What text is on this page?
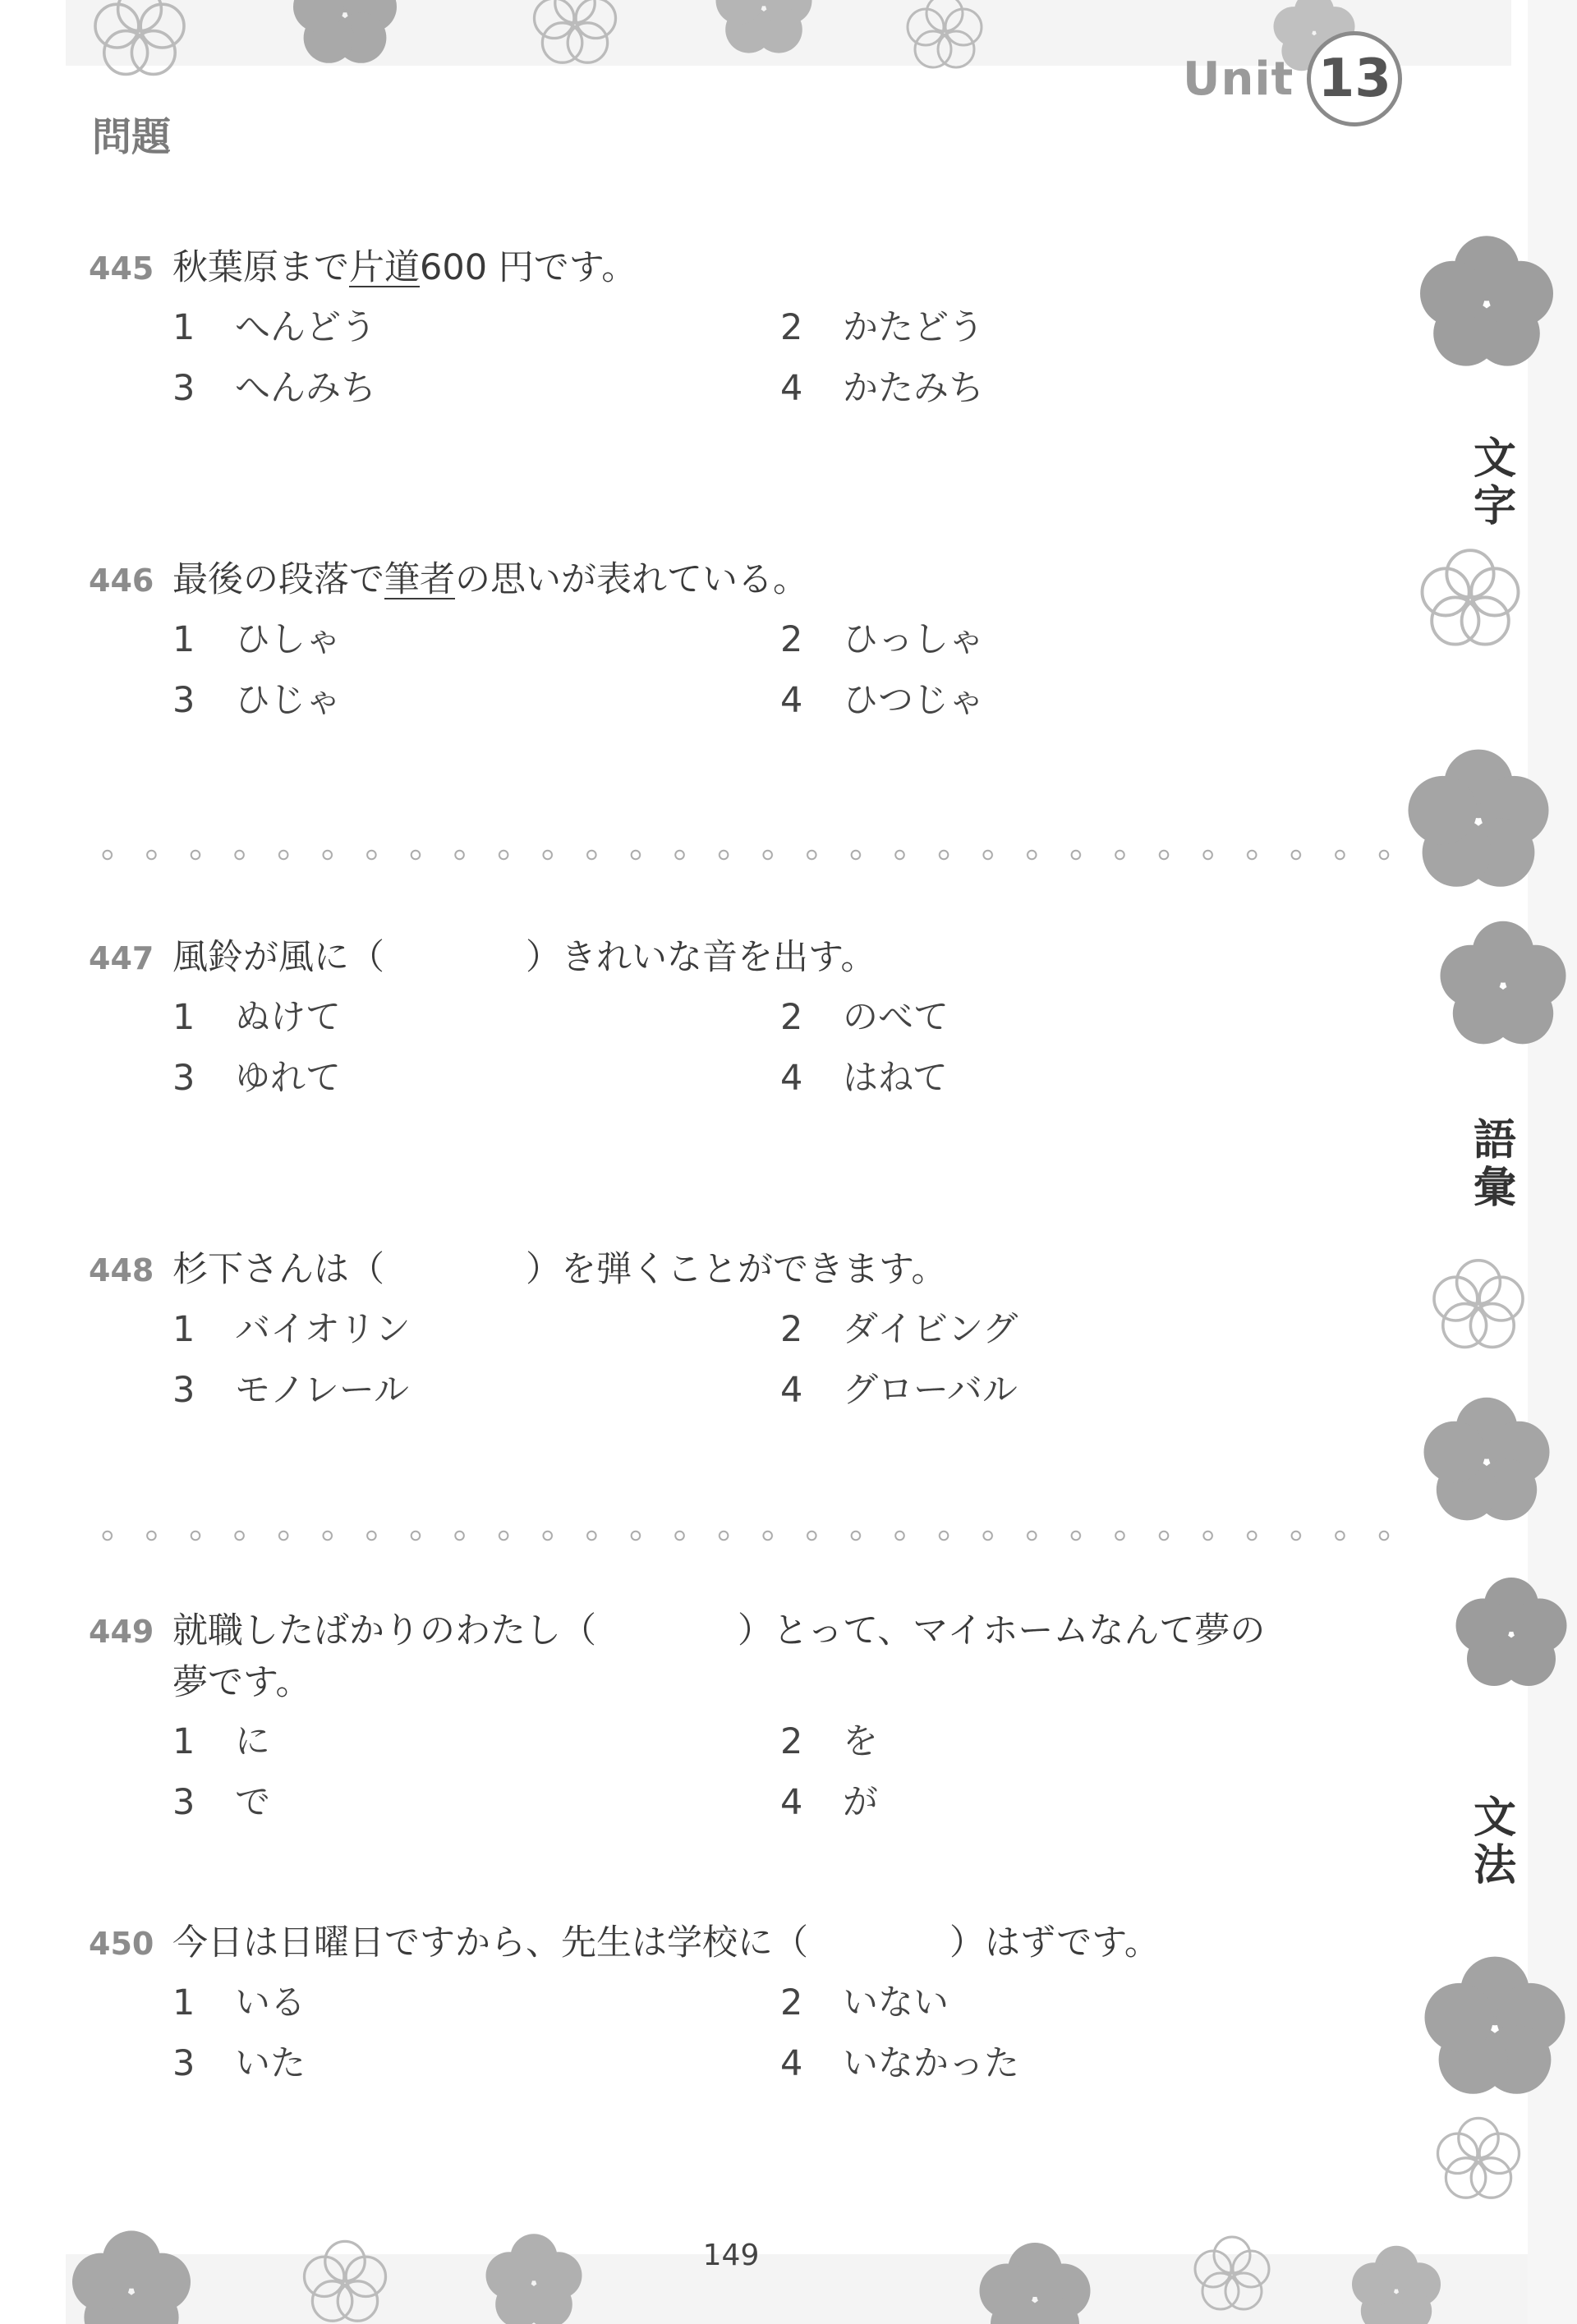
Unit 13
問題
445 秋葉原まで片道600 円です。
1	へんどう	2	かたどう
3	へんみち	4	かたみち
446 最後の段落で筆者の思いが表れている。
1	ひしゃ	2	ひっしゃ
3	ひじゃ	4	ひつじゃ
447 風鈴が風に（　　　　）きれいな音を出す。
1	ぬけて	2	のべて
3	ゆれて	4	はねて
448 杉下さんは（　　　　）を弾くことができます。
1	バイオリン	2	ダイビング
3	モノレール	4	グローバル
449 就職したばかりのわたし（　　　　）とって、マイホームなんて夢の
夢です。
1	に	2	を
3	で	4	が
450 今日は日曜日ですから、先生は学校に（　　　　）はずです。
1	いる	2	いない
3	いた	4	いなかった
文字
語彙
文法
149
